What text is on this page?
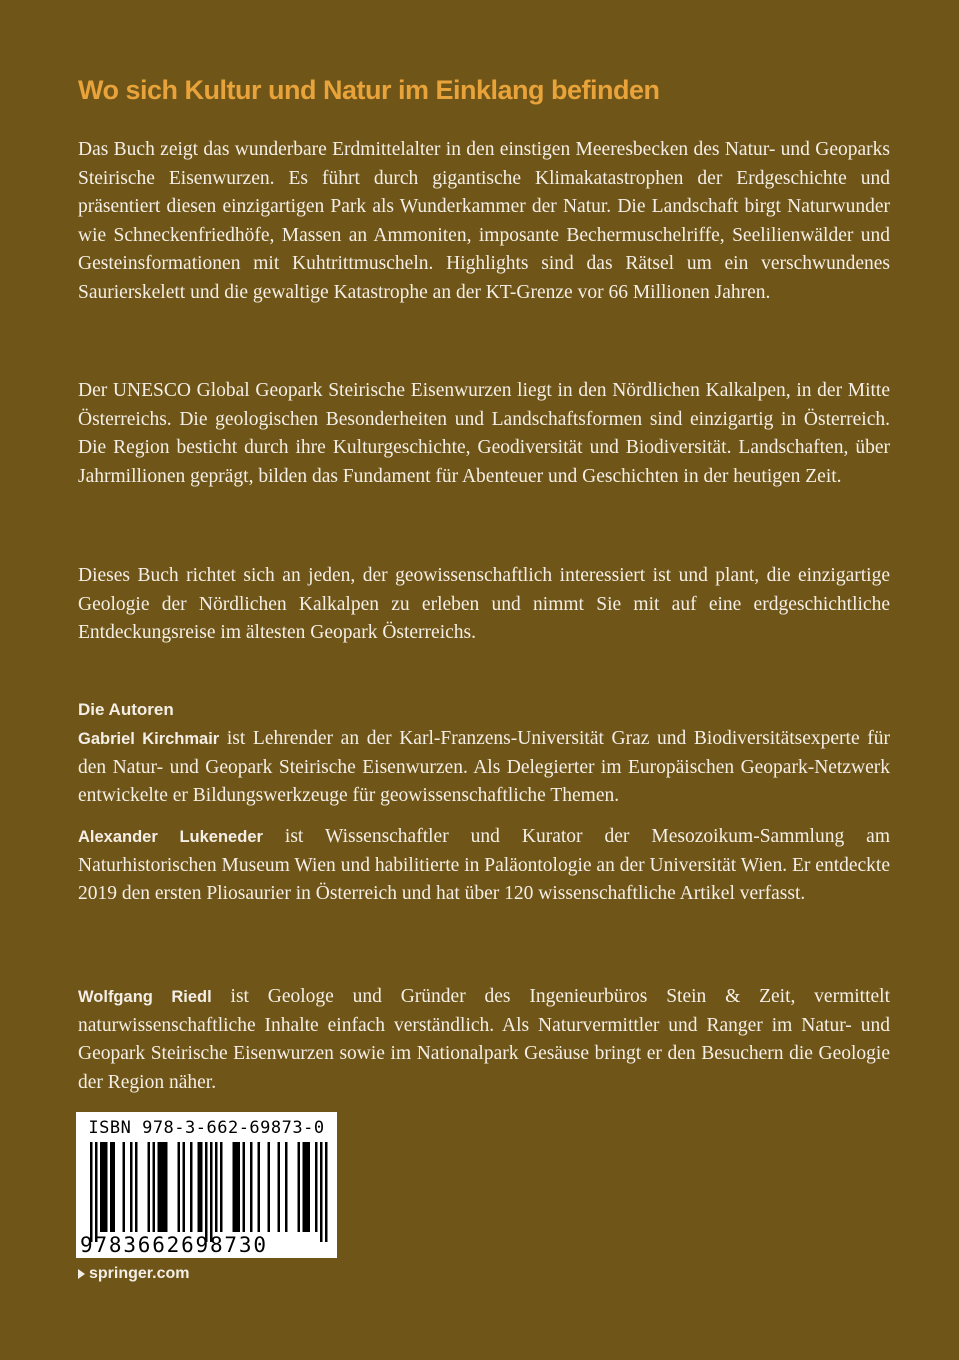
Wo sich Kultur und Natur im Einklang befinden

Das Buch zeigt das wunderbare Erdmittelalter in den einstigen Meeresbecken des Natur- und Geoparks Steirische Eisenwurzen. Es führt durch gigantische Klimakatastrophen der Erdgeschichte und präsentiert diesen einzigartigen Park als Wunderkammer der Natur. Die Landschaft birgt Naturwunder wie Schneckenfriedhöfe, Massen an Ammoniten, imposante Bechermuschelriffe, Seelilienwälder und Gesteinsformationen mit Kuhtrittmuscheln. Highlights sind das Rätsel um ein verschwundenes Saurierskelett und die gewaltige Katastrophe an der KT-Grenze vor 66 Millionen Jahren.

Der UNESCO Global Geopark Steirische Eisenwurzen liegt in den Nördlichen Kalkalpen, in der Mitte Österreichs. Die geologischen Besonderheiten und Landschaftsformen sind einzigartig in Österreich. Die Region besticht durch ihre Kulturgeschichte, Geodiversität und Biodiversität. Landschaften, über Jahrmillionen geprägt, bilden das Fundament für Abenteuer und Geschichten in der heutigen Zeit.

Dieses Buch richtet sich an jeden, der geowissenschaftlich interessiert ist und plant, die einzigartige Geologie der Nördlichen Kalkalpen zu erleben und nimmt Sie mit auf eine erdgeschichtliche Entdeckungsreise im ältesten Geopark Österreichs.

Die Autoren

Gabriel Kirchmair ist Lehrender an der Karl-Franzens-Universität Graz und Biodiversitätsexperte für den Natur- und Geopark Steirische Eisenwurzen. Als Delegierter im Europäischen Geopark-Netzwerk entwickelte er Bildungswerkzeuge für geowissenschaftliche Themen.

Alexander Lukeneder ist Wissenschaftler und Kurator der Mesozoikum-Sammlung am Naturhistorischen Museum Wien und habilitierte in Paläontologie an der Universität Wien. Er entdeckte 2019 den ersten Pliosaurier in Österreich und hat über 120 wissenschaftliche Artikel verfasst.

Wolfgang Riedl ist Geologe und Gründer des Ingenieurbüros Stein & Zeit, vermittelt naturwissenschaftliche Inhalte einfach verständlich. Als Naturvermittler und Ranger im Natur- und Geopark Steirische Eisenwurzen sowie im Nationalpark Gesäuse bringt er den Besuchern die Geologie der Region näher.

ISBN 978-3-662-69873-0
9783662698730
springer.com
